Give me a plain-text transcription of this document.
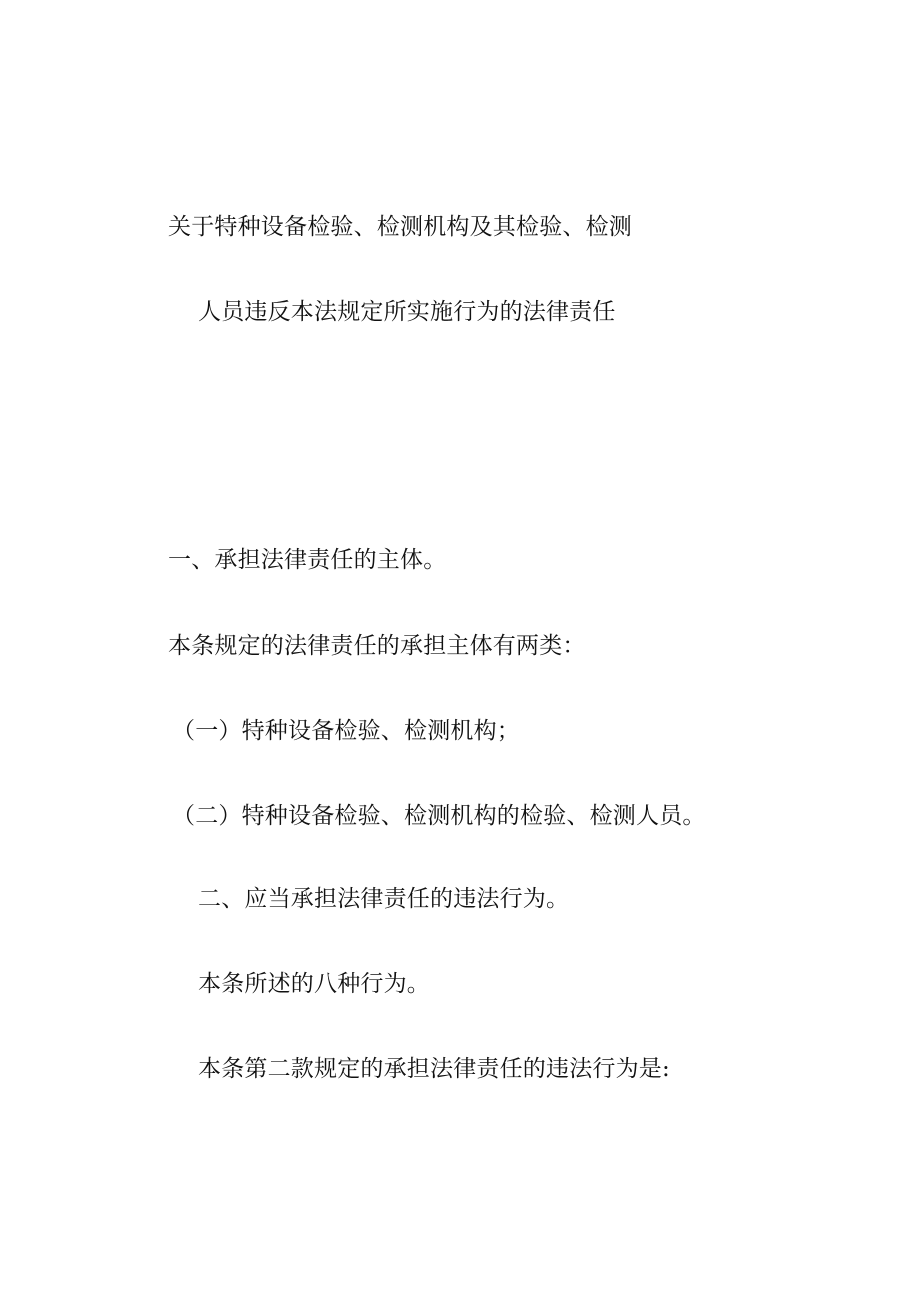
关于特种设备检验、检测机构及其检验、检测

人员违反本法规定所实施行为的法律责任

一、承担法律责任的主体。

本条规定的法律责任的承担主体有两类：

（一）特种设备检验、检测机构；

（二）特种设备检验、检测机构的检验、检测人员。

二、应当承担法律责任的违法行为。

本条所述的八种行为。

本条第二款规定的承担法律责任的违法行为是:
